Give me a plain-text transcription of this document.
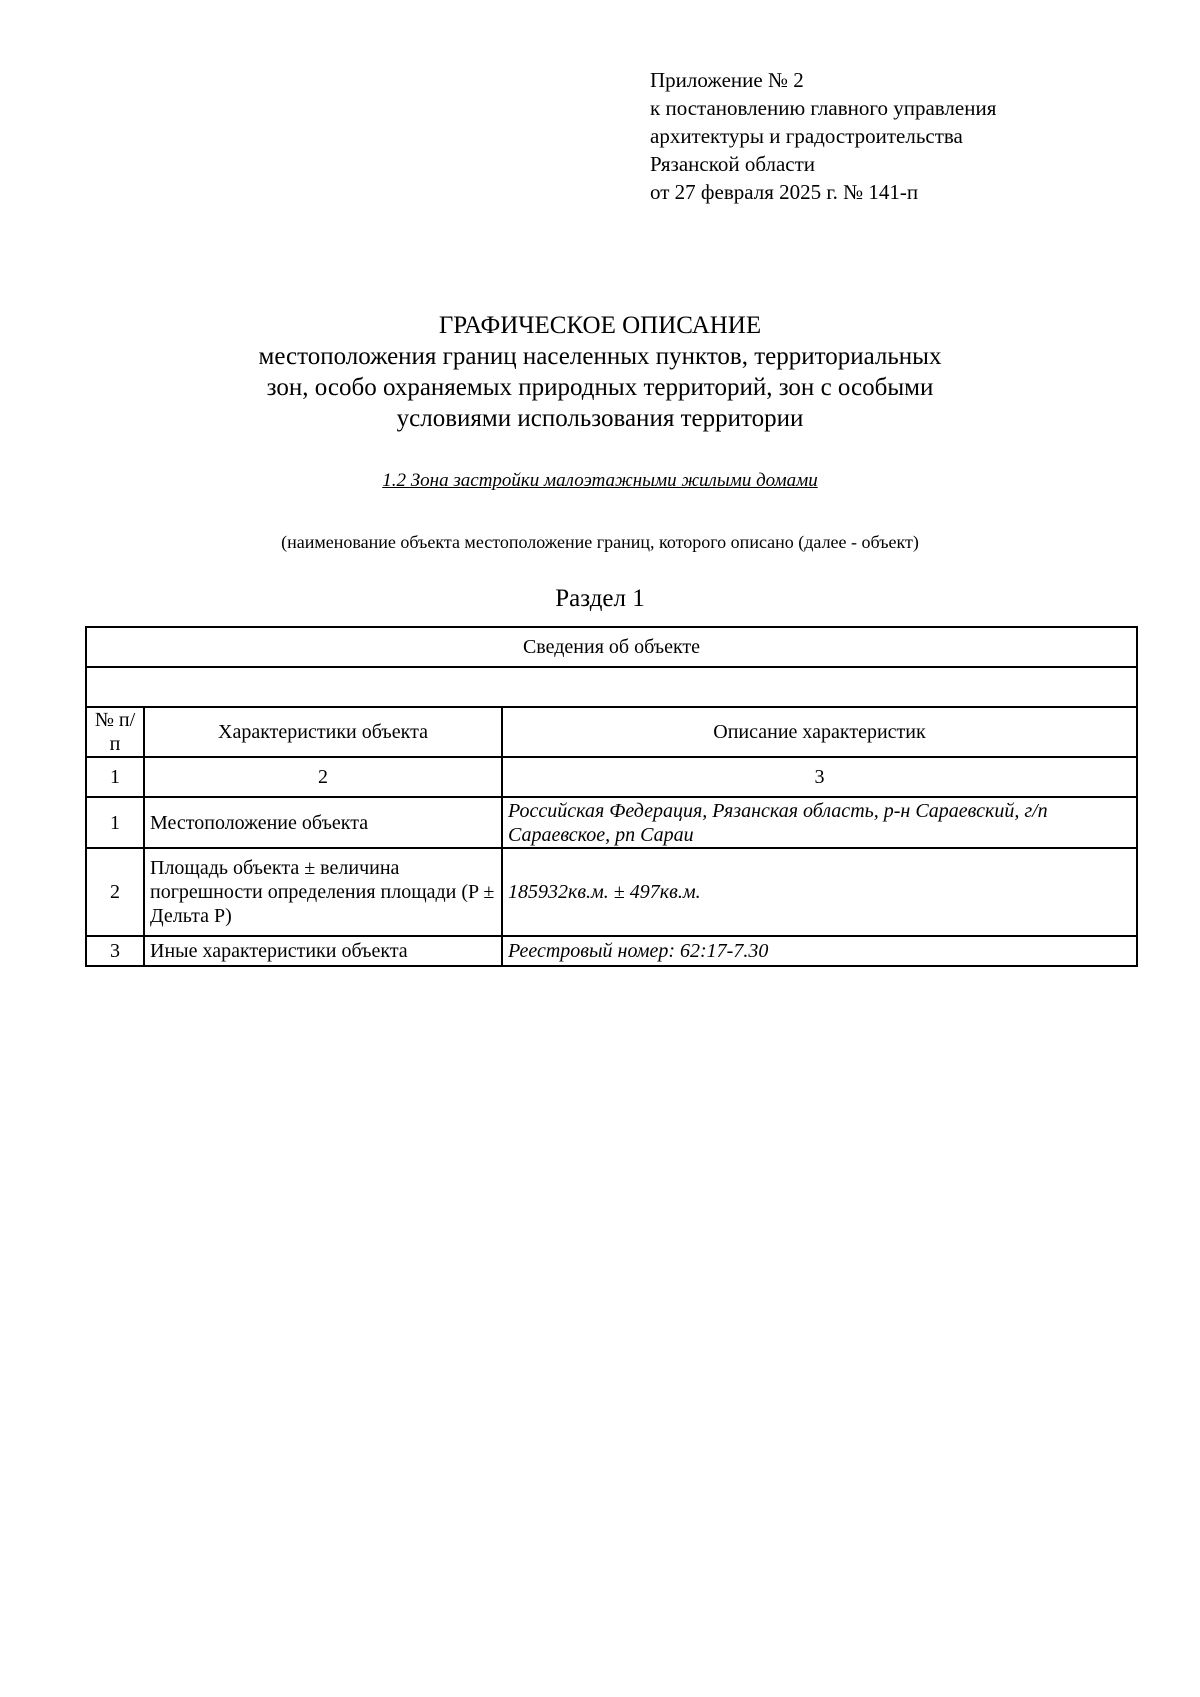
Приложение № 2
к постановлению главного управления
архитектуры и градостроительства
Рязанской области
от 27 февраля 2025 г. № 141-п
ГРАФИЧЕСКОЕ ОПИСАНИЕ
местоположения границ населенных пунктов, территориальных
зон, особо охраняемых природных территорий, зон с особыми
условиями использования территории
1.2 Зона застройки малоэтажными жилыми домами
(наименование объекта местоположение границ, которого описано (далее - объект)
Раздел 1
Сведения об объекте		

№ п/п	Характеристики объекта	Описание характеристик
1	2	3
1	Местоположение объекта	Российская Федерация, Рязанская область, р-н Сараевский, г/п Сараевское, рп Сараи
2	Площадь объекта ± величина погрешности определения площади (P ± Дельта P)	185932кв.м. ± 497кв.м.
3	Иные характеристики объекта	Реестровый номер: 62:17-7.30
